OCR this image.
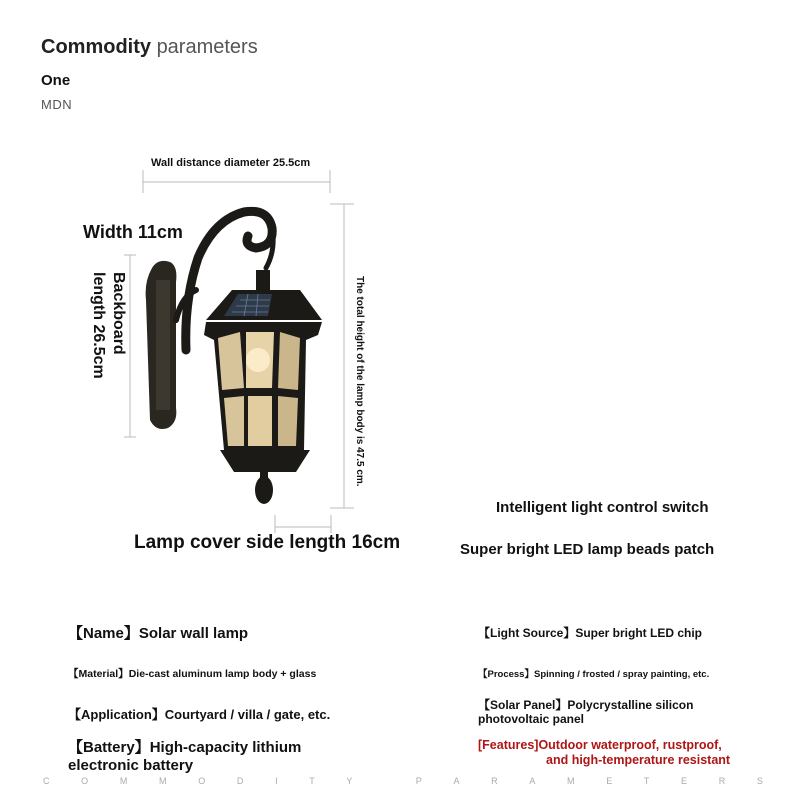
Commodity parameters
One
MDN
Wall distance diameter 25.5cm
Width 11cm
Backboard
length 26.5cm	The total height of the lamp body is 47.5 cm.
Lamp cover side length 16cm
Intelligent light control switch
Super bright LED lamp beads patch
【Name】Solar wall lamp
【Material】Die-cast aluminum lamp body + glass
【Application】Courtyard / villa / gate, etc.
【Battery】High-capacity lithium
electronic battery
【Light Source】Super bright LED chip
【Process】Spinning / frosted / spray painting, etc.
【Solar Panel】Polycrystalline silicon
photovoltaic panel
[Features]Outdoor waterproof, rustproof,
and high-temperature resistant
C	O	M	M	O	D	I	T	Y	P	A	R	A	M	E	T	E	R	S
